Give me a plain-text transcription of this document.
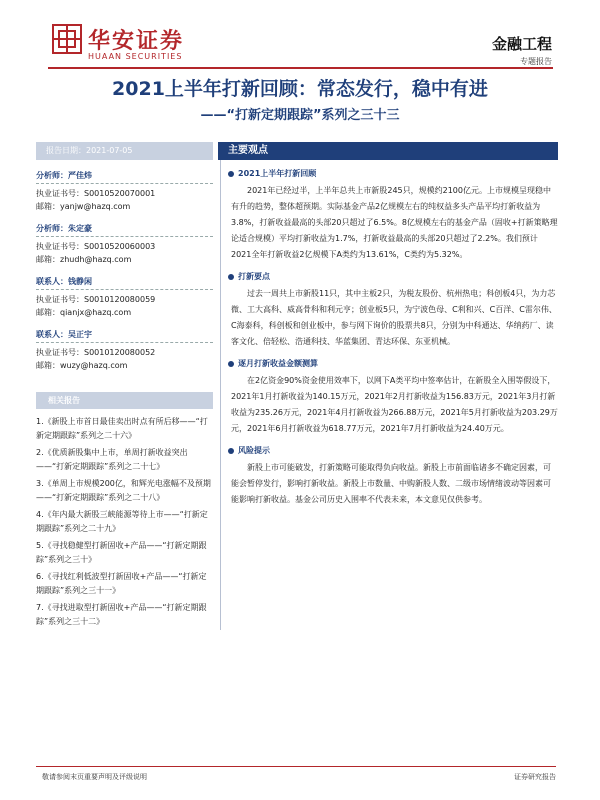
华安证券
HUAAN SECURITIES
金融工程
专题报告
2021上半年打新回顾：常态发行，稳中有进
——“打新定期跟踪”系列之三十三
报告日期：2021-07-05
分析师：严佳炜
执业证书号：S0010520070001
邮箱：yanjw@hazq.com
分析师：朱定豪
执业证书号：S0010520060003
邮箱：zhudh@hazq.com
联系人：钱静闲
执业证书号：S0010120080059
邮箱：qianjx@hazq.com
联系人：吴正宇
执业证书号：S0010120080052
邮箱：wuzy@hazq.com
相关报告
1.《新股上市首日最佳卖出时点有所后移——“打新定期跟踪”系列之二十六》
2.《优质新股集中上市，单周打新收益突出——“打新定期跟踪”系列之二十七》
3.《单周上市规模200亿，和辉光电涨幅不及预期——“打新定期跟踪”系列之二十八》
4.《年内最大新股三峡能源等待上市——“打新定期跟踪”系列之二十九》
5.《寻找稳健型打新固收+产品——“打新定期跟踪”系列之三十》
6.《寻找红利低波型打新固收+产品——“打新定期跟踪”系列之三十一》
7.《寻找进取型打新固收+产品——“打新定期跟踪”系列之三十二》
主要观点
2021上半年打新回顾
2021年已经过半，上半年总共上市新股245只，规模约2100亿元。上市规模呈现稳中有升的趋势，整体超预期。实际基金产品2亿规模左右的纯权益多头产品平均打新收益为3.8%，打新收益最高的头部20只超过了6.5%。8亿规模左右的基金产品（固收+打新策略理论适合规模）平均打新收益为1.7%，打新收益最高的头部20只超过了2.2%。我们预计2021全年打新收益2亿规模下A类约为13.61%，C类约为5.32%。
打新要点
过去一周共上市新股11只，其中主板2只，为税友股份、杭州热电；科创板4只，为力芯微、工大高科、威高骨科和利元亨；创业板5只，为宁波色母、C利和兴、C百洋、C雷尔伟、C海泰科，科创板和创业板中，参与网下询价的股票共8只，分别为中科通达、华纳药厂、读客文化、倍轻松、浩通科技、华蓝集团、青达环保、东亚机械。
逐月打新收益金额测算
在2亿资金90%资金使用效率下，以网下A类平均中签率估计，在新股全入围等假设下，2021年1月打新收益为140.15万元，2021年2月打新收益为156.83万元，2021年3月打新收益为235.26万元，2021年4月打新收益为266.88万元，2021年5月打新收益为203.29万元，2021年6月打新收益为618.77万元，2021年7月打新收益为24.40万元。
风险提示
新股上市可能破发，打新策略可能取得负向收益。新股上市前面临诸多不确定因素，可能会暂停发行，影响打新收益。新股上市数量、中购新股人数、二级市场情绪波动等因素可能影响打新收益。基金公司历史入围率不代表未来，本文意见仅供参考。
敬请参阅末页重要声明及评级说明	证券研究报告
